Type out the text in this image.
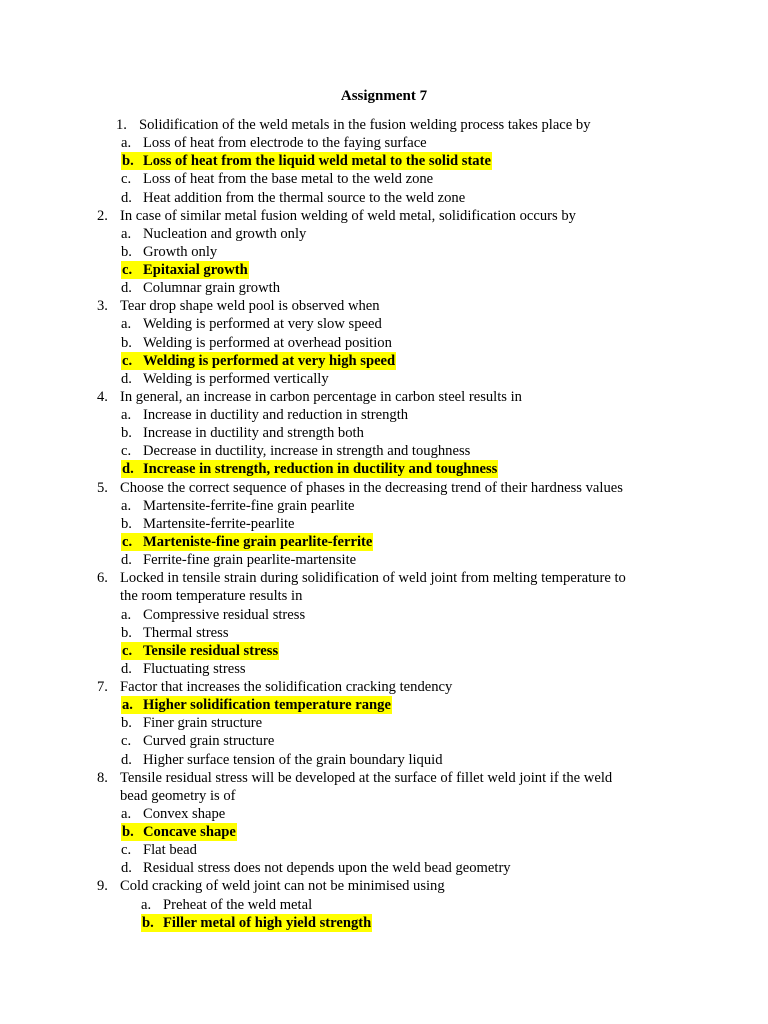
Assignment 7
1. Solidification of the weld metals in the fusion welding process takes place by
a. Loss of heat from electrode to the faying surface
b. Loss of heat from the liquid weld metal to the solid state
c. Loss of heat from the base metal to the weld zone
d. Heat addition from the thermal source to the weld zone
2. In case of similar metal fusion welding of weld metal, solidification occurs by
a. Nucleation and growth only
b. Growth only
c. Epitaxial growth
d. Columnar grain growth
3. Tear drop shape weld pool is observed when
a. Welding is performed at very slow speed
b. Welding is performed at overhead position
c. Welding is performed at very high speed
d. Welding is performed vertically
4. In general, an increase in carbon percentage in carbon steel results in
a. Increase in ductility and reduction in strength
b. Increase in ductility and strength both
c. Decrease in ductility, increase in strength and toughness
d. Increase in strength, reduction in ductility and toughness
5. Choose the correct sequence of phases in the decreasing trend of their hardness values
a. Martensite-ferrite-fine grain pearlite
b. Martensite-ferrite-pearlite
c. Marteniste-fine grain pearlite-ferrite
d. Ferrite-fine grain pearlite-martensite
6. Locked in tensile strain during solidification of weld joint from melting temperature to
the room temperature results in
a. Compressive residual stress
b. Thermal stress
c. Tensile residual stress
d. Fluctuating stress
7. Factor that increases the solidification cracking tendency
a. Higher solidification temperature range
b. Finer grain structure
c. Curved grain structure
d. Higher surface tension of the grain boundary liquid
8. Tensile residual stress will be developed at the surface of fillet weld joint if the weld
bead geometry is of
a. Convex shape
b. Concave shape
c. Flat bead
d. Residual stress does not depends upon the weld bead geometry
9. Cold cracking of weld joint can not be minimised using
a. Preheat of the weld metal
b. Filler metal of high yield strength
